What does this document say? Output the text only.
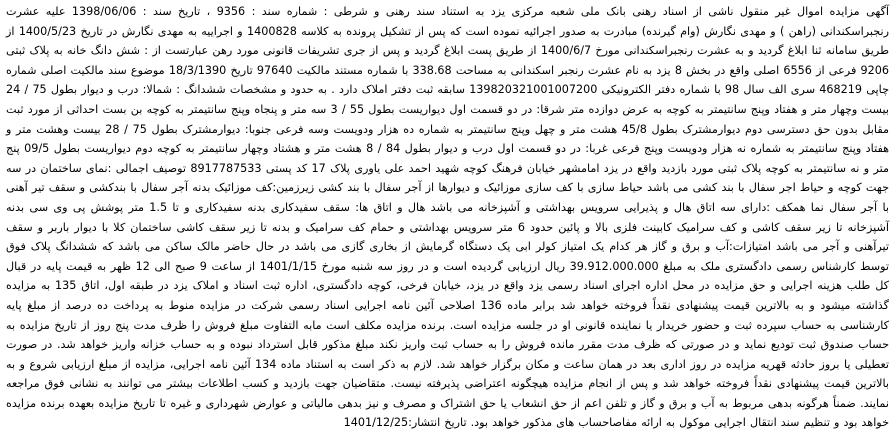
آگهی مزایده اموال غیر منقول ناشی از اسناد رهنی بانک ملی شعبه مرکزی یزد به استناد سند رهنی و شرطی : شماره سند : 9356 ، تاریخ سند : 1398/06/06 علیه عشرت رنجبراسکندانی (راهن ) و مهدی نگارش (وام گیرنده) مبادرت به صدور اجرائیه نموده است که پس از تشکیل پرونده به کلاسه 1400828 و اجراییه به مهدی نگارش در تاریخ 1400/5/23 از طریق سامانه ثنا ابلاغ گردید و به عشرت رنجبراسکندانی مورخ 1400/6/7 از طریق پست ابلاغ گردید و پس از جری تشریفات قانونی مورد رهن عبارتست از : شش دانگ خانه به پلاک ثبتی 9206 فرعی از 6556 اصلی واقع در بخش 8 یزد به نام عشرت رنجبر اسکندانی به مساحت 338.68 با شماره مستند مالکیت 97640 تاریخ 18/3/1390 موضوع سند مالکیت اصلی شماره چاپی 468219 سری الف سال 98 با شماره دفتر الکترونیکی 139820321001007200 سابقه ثبت دفتر املاک دارد . به حدود و مشخصات ششدانگ : شمالا: درب و دیوار بطول 75 / 24 بیست وچهار متر و هفتاد وپنج سانتیمتر به کوچه به عرض دوازده متر شرقا: در دو قسمت اول دیواریست بطول 55 / 3 سه متر و پنجاه وپنج سانتیمتر به کوچه بن بست احداثی از مورد ثبت مقابل بدون حق دسترسی دوم دیوارمشترک بطول 45/8 هشت متر و چهل وپنج سانتیمتر به شماره ده هزار ودویست وسه فرعی جنوبا: دیوارمشترک بطول 75 / 28 بیست وهشت متر و هفتاد وپنج سانتیمتر به شماره نه هزار ودویست وپنج فرعی غربا: در دو قسمت اول درب و دیوار بطول 84 / 8 هشت متر و هشتاد وچهار سانتیمتر به کوچه دوم دیواریست بطول 09/5 پنج متر و نه سانتیمتر به کوچه پلاک ثبتی مورد بازدید واقع در یزد امامشهر خیابان فرهنگ کوچه شهید احمد علی یاوری پلاک 17 کد پستی 8917787533 توصیف اجمالی :نمای ساختمان در سه جهت کوچه و حیاط اجر سفال با بند کشی می باشد حیاط سازی با کف سازی موزائیک و دیوارها از آجر سفال با بند کشی زیرزمین:کف موزائیک بدنه آجر سفال با بندکشی و سقف تیر آهنی با آجر سفال نما همکف :دارای سه اتاق هال و پذیرایی سرویس بهداشتی و آشپزخانه می باشد هال و اتاق ها: سقف سفیدکاری بدنه سفیدکاری و تا 1.5 متر پوشش پی وی سی بدنه آشپزخانه تا زیر سقف کاشی و کف سرامیک کابینت فلزی بالا و پائین حدود 6 متر سرویس بهداشتی و حمام کف سرامیک و بدنه تا زیر سقف کاشی ساختمان کلا با دیوار باربر و سقف تیرآهنی و آجر می باشد امتیازات:آب و برق و گاز هر کدام یک امتیاز کولر ابی یک دستگاه گرمایش از بخاری گازی می باشد در حال حاضر مالک ساکن می باشد که ششدانگ پلاک فوق توسط کارشناس رسمی دادگستری ملک به مبلغ 39.912.000.000 ریال ارزیابی گردیده است و در روز سه شنبه مورخ 1401/1/15 از ساعت 9 صبح الی 12 ظهر به قیمت پایه در قبال کل طلب هزینه اجرایی و حق مزایده در محل اداره اجرای اسناد رسمی یزد واقع در یزد، خیابان فرخی، کوچه دادگستری، اداره ثبت اسناد و املاک یزد در طبقه اول، اتاق 135 به مزایده گذاشته میشود و به بالاترین قیمت پیشنهادی نقداً فروخته خواهد شد برابر ماده 136 اصلاحی آئین نامه اجرایی اسناد رسمی شرکت در مزایده منوط به پرداخت ده درصد از مبلغ پایه کارشناسی به حساب سپرده ثبت و حضور خریدار یا نماینده قانونی او در جلسه مزایده است. برنده مزایده مکلف است مابه التفاوت مبلغ فروش را ظرف مدت پنج روز از تاریخ مزایده به حساب صندوق ثبت تودیع نماید و در صورتی که ظرف مدت مقرر مانده فروش را به حساب ثبت واریز نکند مبلغ مذکور قابل استرداد نبوده و به حساب خزانه واریز خواهد شد. در صورت تعطیلی یا بروز حادثه قهریه مزایده در روز اداری بعد در همان ساعت و مکان برگزار خواهد شد. لازم به ذکر است به استناد ماده 134 آئین نامه اجرایی، مزایده از مبلغ ارزیابی شروع و به بالاترین قیمت پیشنهادی نقداً فروخته خواهد شد و پس از انجام مزایده هیچگونه اعتراضی پذیرفته نیست. متقاضیان جهت بازدید و کسب اطلاعات بیشتر می توانند به نشانی فوق مراجعه نمایند. ضمناً هرگونه بدهی مربوط به آب و برق و گاز و تلفن اعم از حق انشعاب یا حق اشتراک و مصرف و نیز بدهی مالیاتی و عوارض شهرداری و غیره تا تاریخ مزایده بعهده برنده مزایده خواهد بود و تنظیم سند انتقال اجرایی موکول به ارائه مفاصاحساب های مذکور خواهد بود. تاریخ انتشار:1401/12/25
